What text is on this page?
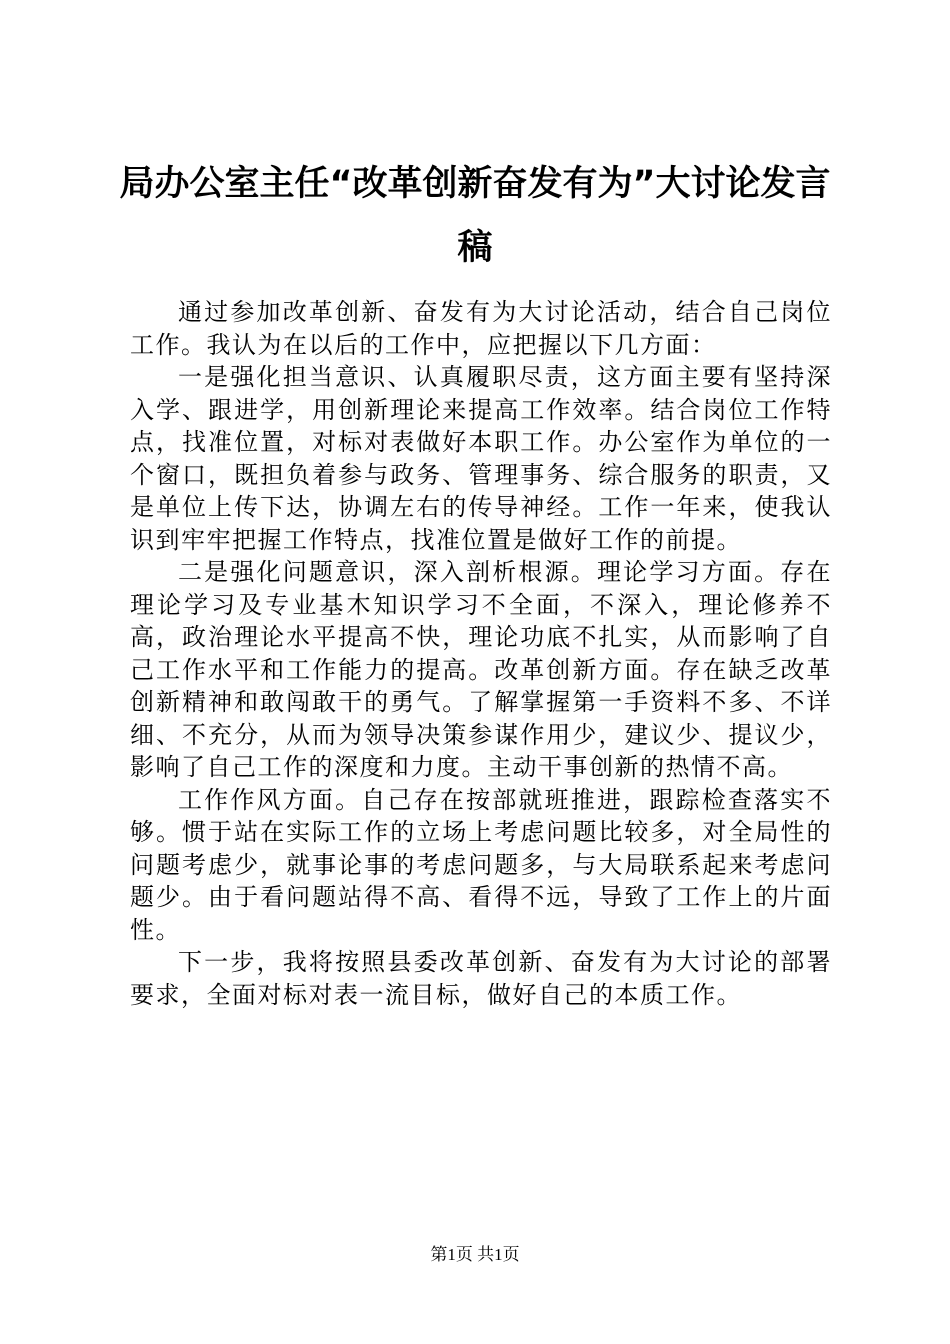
局办公室主任“改革创新奋发有为”大讨论发言稿

通过参加改革创新、奋发有为大讨论活动，结合自己岗位工作。我认为在以后的工作中，应把握以下几方面：

一是强化担当意识、认真履职尽责，这方面主要有坚持深入学、跟进学，用创新理论来提高工作效率。结合岗位工作特点，找准位置，对标对表做好本职工作。办公室作为单位的一个窗口，既担负着参与政务、管理事务、综合服务的职责，又是单位上传下达，协调左右的传导神经。工作一年来，使我认识到牢牢把握工作特点，找准位置是做好工作的前提。

二是强化问题意识，深入剖析根源。理论学习方面。存在理论学习及专业基木知识学习不全面，不深入，理论修养不高，政治理论水平提高不快，理论功底不扎实，从而影响了自己工作水平和工作能力的提高。改革创新方面。存在缺乏改革创新精神和敢闯敢干的勇气。了解掌握第一手资料不多、不详细、不充分，从而为领导决策参谋作用少，建议少、提议少，影响了自己工作的深度和力度。主动干事创新的热情不高。

工作作风方面。自己存在按部就班推进，跟踪检查落实不够。惯于站在实际工作的立场上考虑问题比较多，对全局性的问题考虑少，就事论事的考虑问题多，与大局联系起来考虑问题少。由于看问题站得不高、看得不远，导致了工作上的片面性。

下一步，我将按照县委改革创新、奋发有为大讨论的部署要求，全面对标对表一流目标，做好自己的本质工作。

第1页 共1页
